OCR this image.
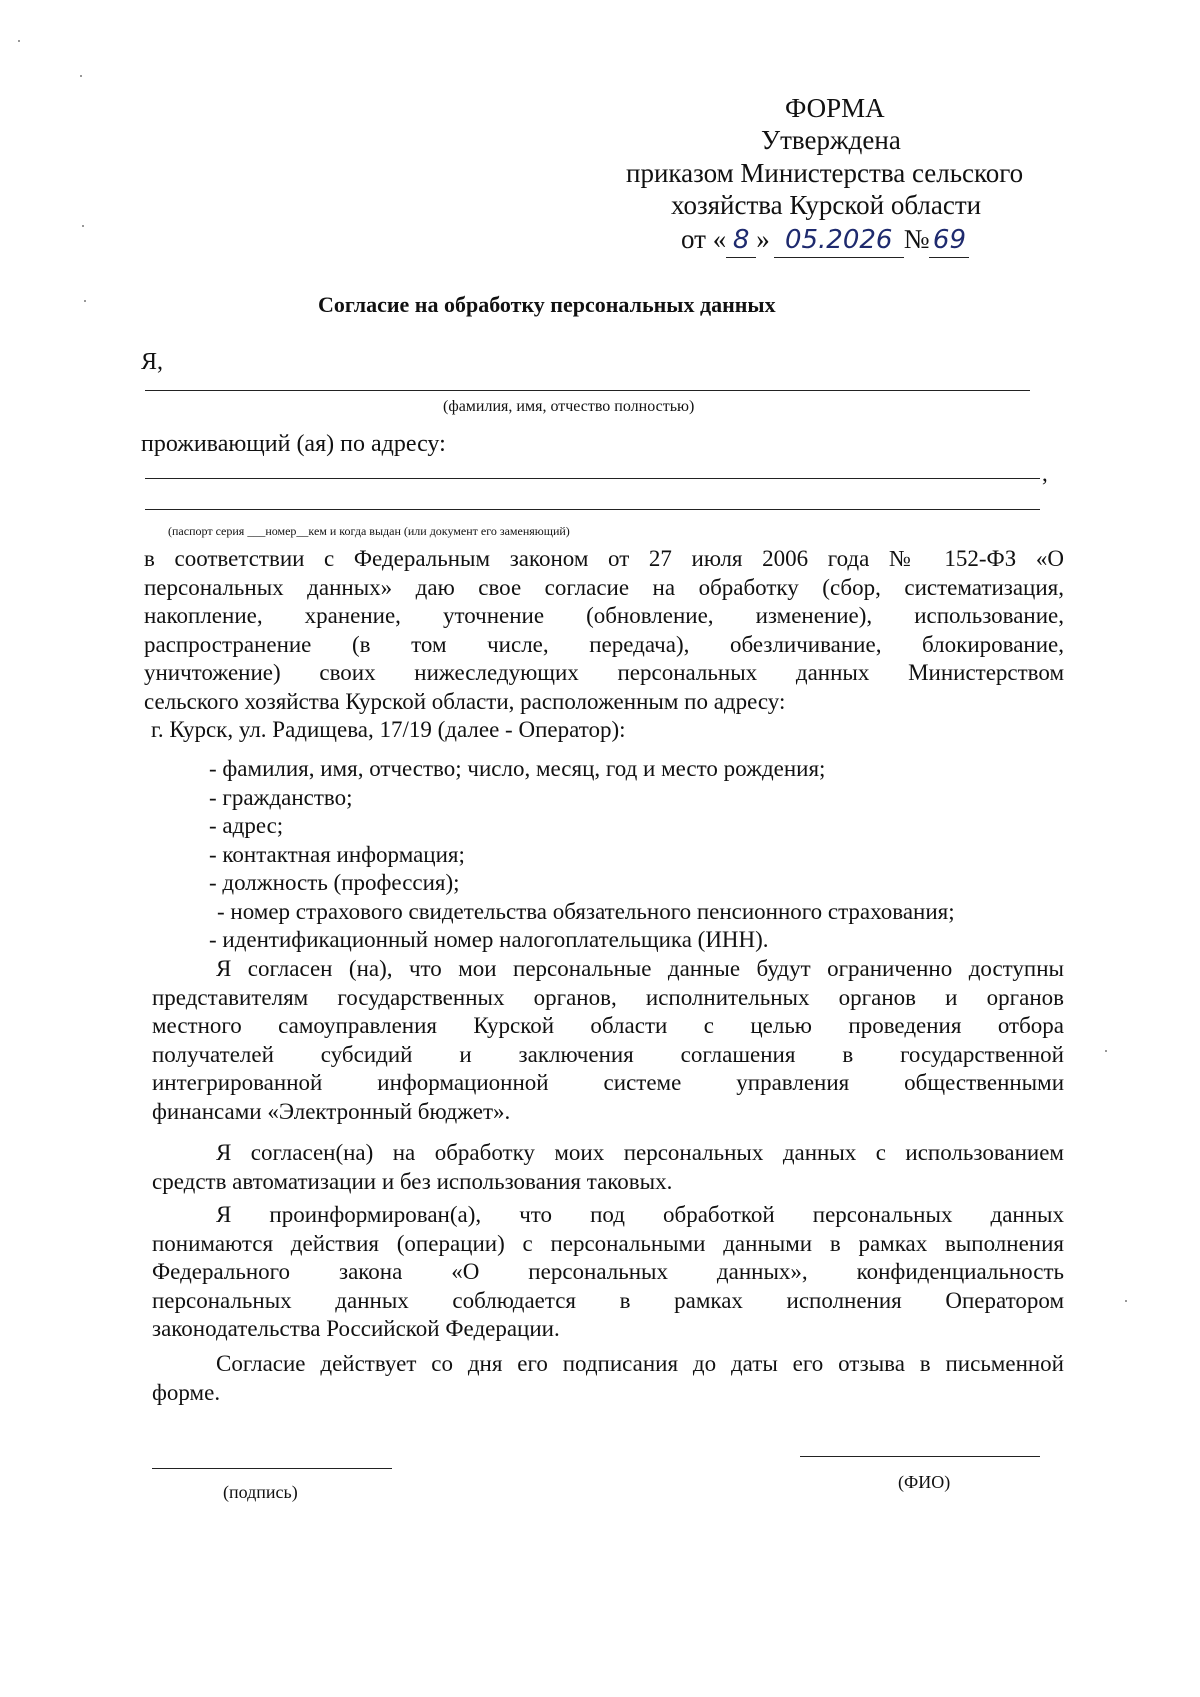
ФОРМА
Утверждена
приказом Министерства сельского
хозяйства Курской области
от « 8 » 05.2026 № 69
Согласие на обработку персональных данных
Я,
(фамилия, имя, отчество полностью)
проживающий (ая) по адресу:
,
(паспорт серия ___номер__кем и когда выдан (или документ его заменяющий)
в соответствии с Федеральным законом от 27 июля 2006 года № 152-ФЗ «О
персональных данных» даю свое согласие на обработку (сбор, систематизация,
накопление, хранение, уточнение (обновление, изменение), использование,
распространение (в том числе, передача), обезличивание, блокирование,
уничтожение) своих нижеследующих персональных данных Министерством
сельского хозяйства Курской области, расположенным по адресу:
г. Курск, ул. Радищева, 17/19 (далее - Оператор):
- фамилия, имя, отчество; число, месяц, год и место рождения;
- гражданство;
- адрес;
- контактная информация;
- должность (профессия);
- номер страхового свидетельства обязательного пенсионного страхования;
- идентификационный номер налогоплательщика (ИНН).
Я согласен (на), что мои персональные данные будут ограниченно доступны
представителям государственных органов, исполнительных органов и органов
местного самоуправления Курской области с целью проведения отбора
получателей субсидий и заключения соглашения в государственной
интегрированной информационной системе управления общественными
финансами «Электронный бюджет».
Я согласен(на) на обработку моих персональных данных с использованием
средств автоматизации и без использования таковых.
Я проинформирован(а), что под обработкой персональных данных
понимаются действия (операции) с персональными данными в рамках выполнения
Федерального закона «О персональных данных», конфиденциальность
персональных данных соблюдается в рамках исполнения Оператором
законодательства Российской Федерации.
Согласие действует со дня его подписания до даты его отзыва в письменной
форме.
(подпись)	(ФИО)
